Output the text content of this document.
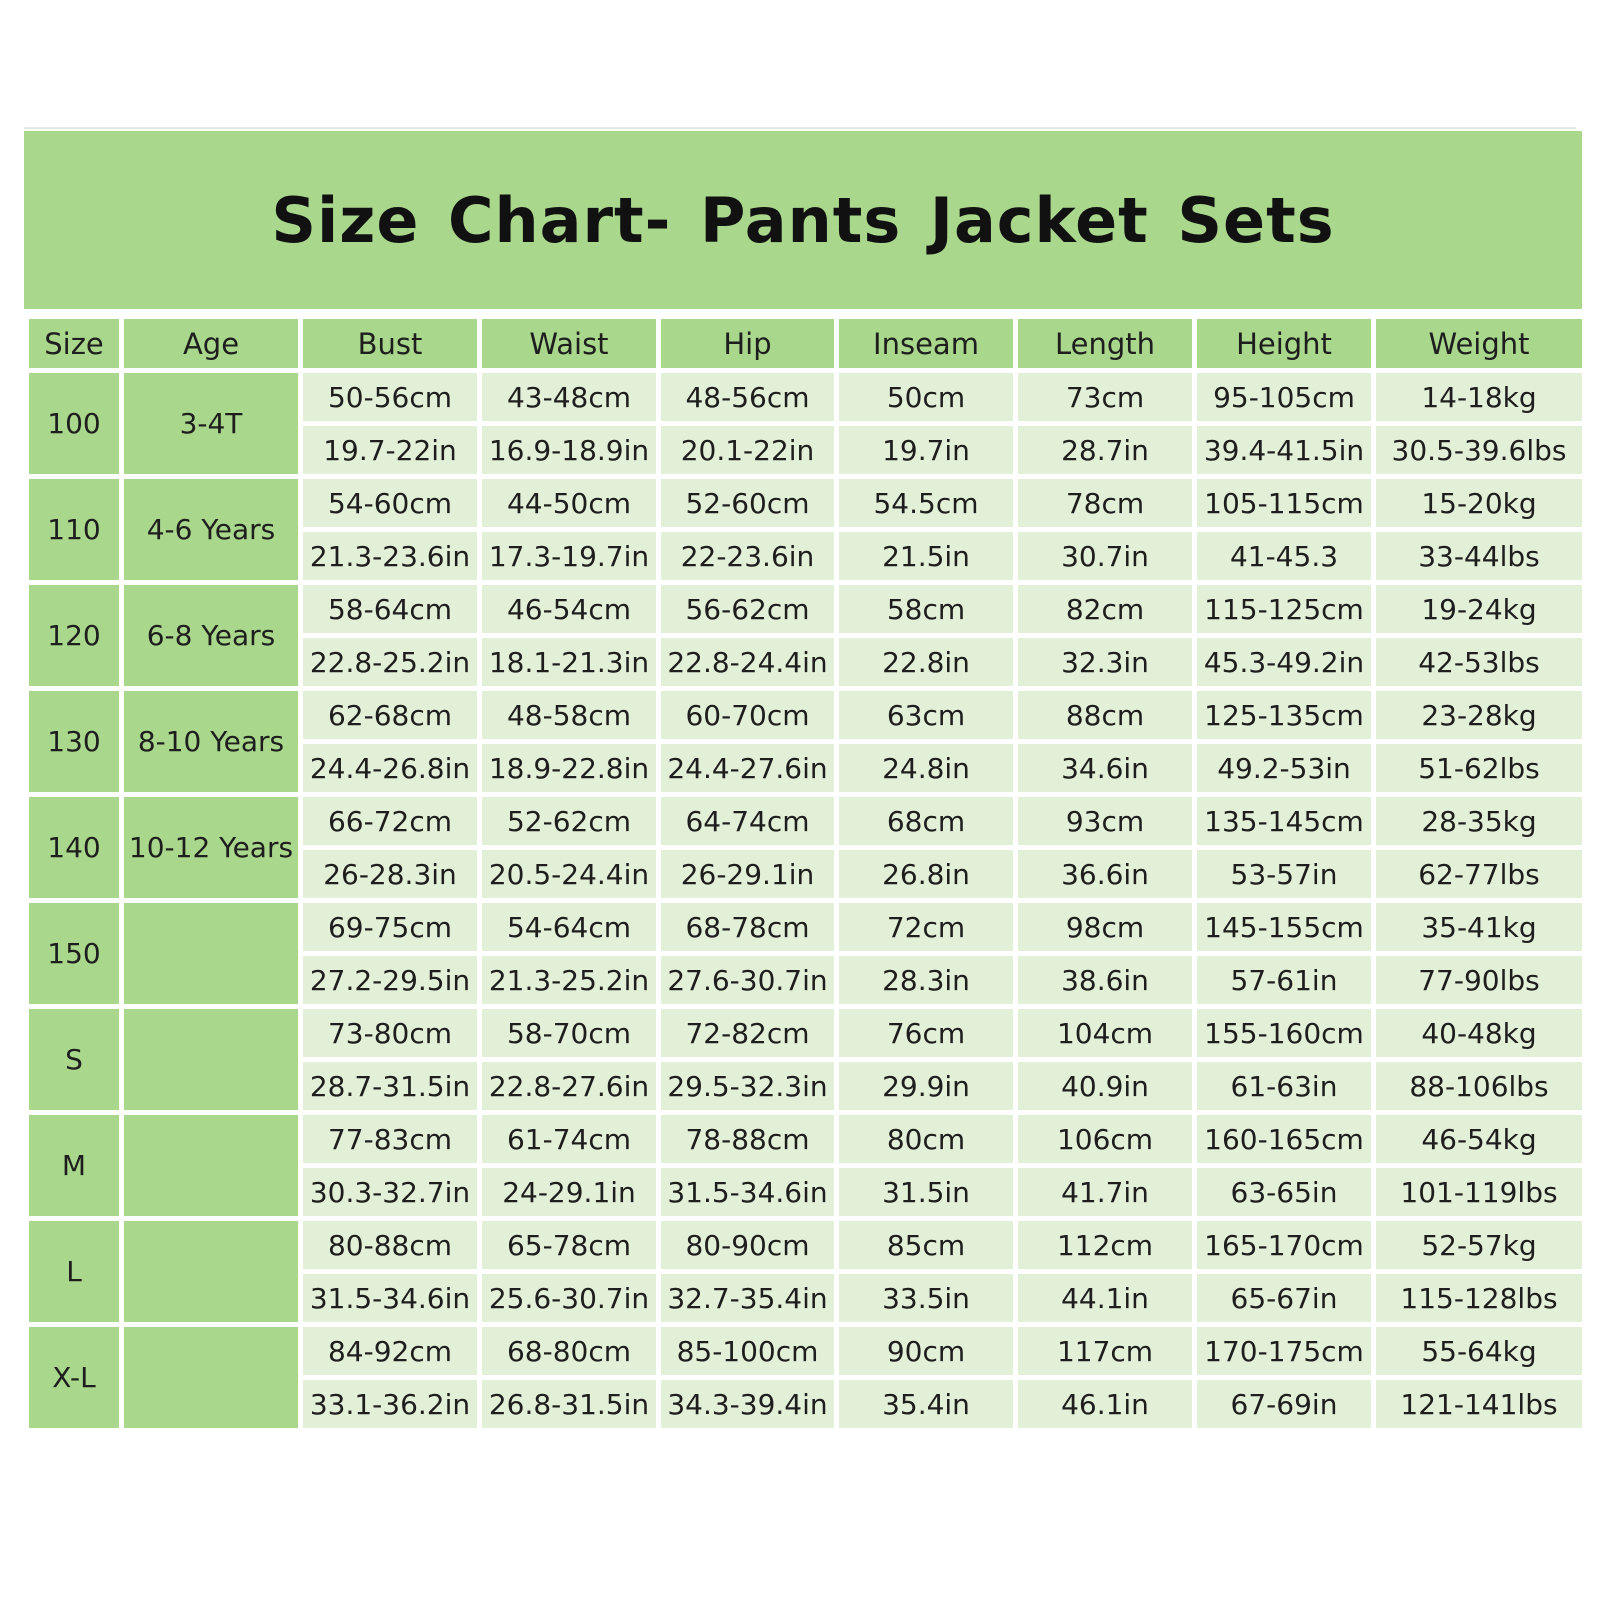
Size Chart- Pants Jacket Sets
Size	Age	Bust	Waist	Hip	Inseam	Length	Height	Weight
100	3-4T	50-56cm	43-48cm	48-56cm	50cm	73cm	95-105cm	14-18kg
		19.7-22in	16.9-18.9in	20.1-22in	19.7in	28.7in	39.4-41.5in	30.5-39.6lbs
110	4-6 Years	54-60cm	44-50cm	52-60cm	54.5cm	78cm	105-115cm	15-20kg
		21.3-23.6in	17.3-19.7in	22-23.6in	21.5in	30.7in	41-45.3	33-44lbs
120	6-8 Years	58-64cm	46-54cm	56-62cm	58cm	82cm	115-125cm	19-24kg
		22.8-25.2in	18.1-21.3in	22.8-24.4in	22.8in	32.3in	45.3-49.2in	42-53lbs
130	8-10 Years	62-68cm	48-58cm	60-70cm	63cm	88cm	125-135cm	23-28kg
		24.4-26.8in	18.9-22.8in	24.4-27.6in	24.8in	34.6in	49.2-53in	51-62lbs
140	10-12 Years	66-72cm	52-62cm	64-74cm	68cm	93cm	135-145cm	28-35kg
		26-28.3in	20.5-24.4in	26-29.1in	26.8in	36.6in	53-57in	62-77lbs
150		69-75cm	54-64cm	68-78cm	72cm	98cm	145-155cm	35-41kg
		27.2-29.5in	21.3-25.2in	27.6-30.7in	28.3in	38.6in	57-61in	77-90lbs
S		73-80cm	58-70cm	72-82cm	76cm	104cm	155-160cm	40-48kg
		28.7-31.5in	22.8-27.6in	29.5-32.3in	29.9in	40.9in	61-63in	88-106lbs
M		77-83cm	61-74cm	78-88cm	80cm	106cm	160-165cm	46-54kg
		30.3-32.7in	24-29.1in	31.5-34.6in	31.5in	41.7in	63-65in	101-119lbs
L		80-88cm	65-78cm	80-90cm	85cm	112cm	165-170cm	52-57kg
		31.5-34.6in	25.6-30.7in	32.7-35.4in	33.5in	44.1in	65-67in	115-128lbs
X-L		84-92cm	68-80cm	85-100cm	90cm	117cm	170-175cm	55-64kg
		33.1-36.2in	26.8-31.5in	34.3-39.4in	35.4in	46.1in	67-69in	121-141lbs
